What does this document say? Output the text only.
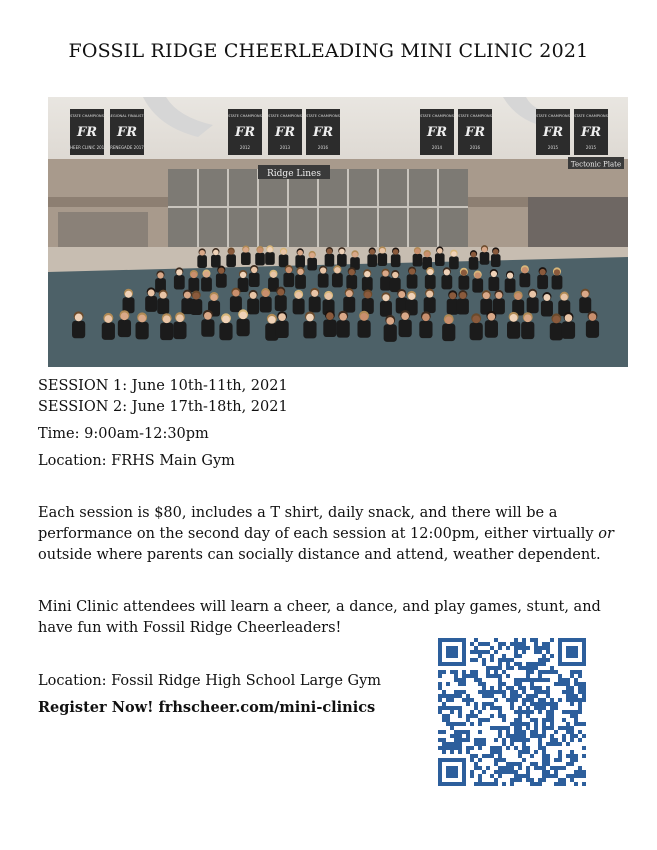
FOSSIL RIDGE CHEERLEADING MINI CLINIC 2021
STATE CHAMPIONS
FR
CHEER CLINIC 2015
REGIONAL FINALISTS
FR
RENEGADE 2017
STATE CHAMPIONS
FR
2012
STATE CHAMPIONS
FR
2013
STATE CHAMPIONS
FR
2016
STATE CHAMPIONS
FR
2014
STATE CHAMPIONS
FR
2016
STATE CHAMPIONS
FR
2015
STATE CHAMPIONS
FR
2015
Ridge Lines
Tectonic Plate
SESSION 1: June 10th-11th, 2021
SESSION 2: June 17th-18th, 2021
Time: 9:00am-12:30pm
Location: FRHS Main Gym
Each session is $80, includes a T shirt, daily snack, and there will be a performance on the second day of each session at 12:00pm, either virtually or outside where parents can socially distance and attend, weather dependent.
Mini Clinic attendees will learn a cheer, a dance, and play games, stunt, and have fun with Fossil Ridge Cheerleaders!
Location: Fossil Ridge High School Large Gym
Register Now! frhscheer.com/mini-clinics
